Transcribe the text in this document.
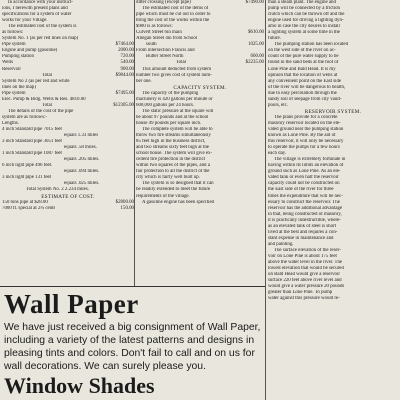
In accordance with your instruct-
ions, I herewith present plans and
specifications for a system of water
works for your Village.
The estimated cost of the system is
as follows:
System No. 1 (as per red lines on map)
Pipe system	$7464.00
Engine and pump (gasoline)	2000.00
Pumping station	720.00
Wells	540.00
Reservoir	900.00
Total	$9844.00
System No 2 (as per red and white
lines on the map)
Pipe system	$7495.00
Elec. Pump & Bldg. Wells & Res. 4810.00
Total	$12305.00
The details of the cost of the pipe
system are as follows:-
Lengths.
4 inch Standard pipe 7015 feet
equals 1.33 miles
3 inch Standard pipe 3051 feet
equals .58 miles.
1 inch Standard pipe 1087 feet
equals .205 miles.
6 inch light pipe 496 feet.
equals .094 miles.
3 inch light pipe 131 feet
equals .025 miles.
Total System No. 2 2.234 miles.
ESTIMATE OF COST.
150 tons pipe at $28.00	$2800.00
7000 ft. special at 2¼ cents	150.00
ditter crossing (except pipe)	$7490.00
The estimated cost of the items of
pipe which must be cut out in order to
bring the cost of the works within the
$900 is as follows:
Culvert Street 6in main	$610.00
Allegan Street 4in from School
south	1025.00
From intersection Francis and
Butter Street North	600.00
Total	$2235.00
This amount deducted from system
number two gives cost of system num-
ber one.
CAPACITY SYSTEM.
The capacity of the pumping
machinery is 420 gallons per minute or
600,000 gallons per 24 hours.
The static pressure at the square will
be about 97 pounds and at the school
house 49 pounds per square inch.
The complete system will be able to
throw two fire streams simultaneously
85 feet high in the business district,
and two streams sixty feet high at the
school house. The system will give ex-
cellent fire protection in the district
within two squares of the pipes, and a
fair protection to all the district of the
city which is fairly well built up.
The system is so designed that it can
be readily extended to meet the future
requirements of the village.
A gasoline engine has been specified
than a steam plant. The engine and
pump will be connected by a friction
clutch which can be thrown off and the
engine used for driving a lighting dyn-
amo in case the city desires to install
a lighting system at some time in the
future.
The pumping station has been located
on the west side of the river on ac-
count of the pure water supply to be
found in the sand beds at the foot of
Lone Pine and Bald Head. It is my
opinion that the location of wells at
any convenient point on the East side
of the river will be dangerous to health,
due to easy percolation through the
sandy soil of seepage from city vault-
pools, etc.
RESERVOIR SYSTEM.
The plans provide for a concrete
masonry reservoir located on the ele-
vated ground near the pumping station
known as Lone Pine. By the aid of
this reservoir, it will only be necessary
to operate the pumps for a few hours
each day.
The village is extremely fortunate in
having within its limits an elevation of
ground such as Lone Pine. As an ele-
vated tank or even half the reservoir
capacity could not be constructed on
the East side of the river for three
times the expenditure that will be nec-
essary to construct the reservoir. The
reservoir has the additional advantage
in that, being constructed of masonry,
it is practically indestructible, where-
as an elevated tank of steel is short
lived at the best and requires a con-
stant expense in maintenance and
and painting.
The surface elevation of the reser-
voir on Lone Pine is about 175 feet
above the water level in the river. The
lowest elevation that would be secured
on Bald Head would give a reservoir
surface 220 feet above river level and
would give a water pressure 20 pounds
greater than Lone Pine. To pump
water against this pressure would re-
Wall Paper
We have just received a big consignment of Wall Paper, including a variety of the latest patterns and designs in pleasing tints and colors. Don't fail to call and on us for wall decorations. We can surely please you.
Window Shades
